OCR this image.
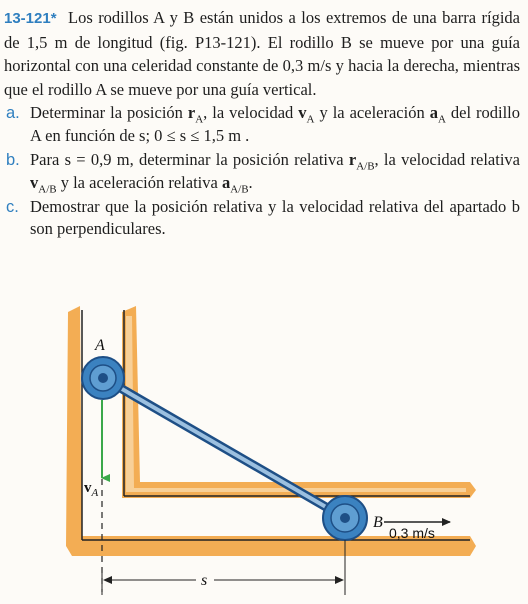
13-121* Los rodillos A y B están unidos a los extremos de una barra rígida de 1,5 m de longitud (fig. P13-121). El rodillo B se mueve por una guía horizontal con una celeridad constante de 0,3 m/s y hacia la derecha, mientras que el rodillo A se mueve por una guía vertical.

a. Determinar la posición $r_A$, la velocidad $v_A$ y la aceleración $a_A$ del rodillo A en función de s; 0 ≤ s ≤ 1,5 m .
b. Para s = 0,9 m, determinar la posición relativa $r_{A/B}$, la velocidad relativa $v_{A/B}$ y la aceleración relativa $a_{A/B}$.
c. Demostrar que la posición relativa y la velocidad relativa del apartado b son perpendiculares.
A
B
$v_A$
0,3 m/s
s
